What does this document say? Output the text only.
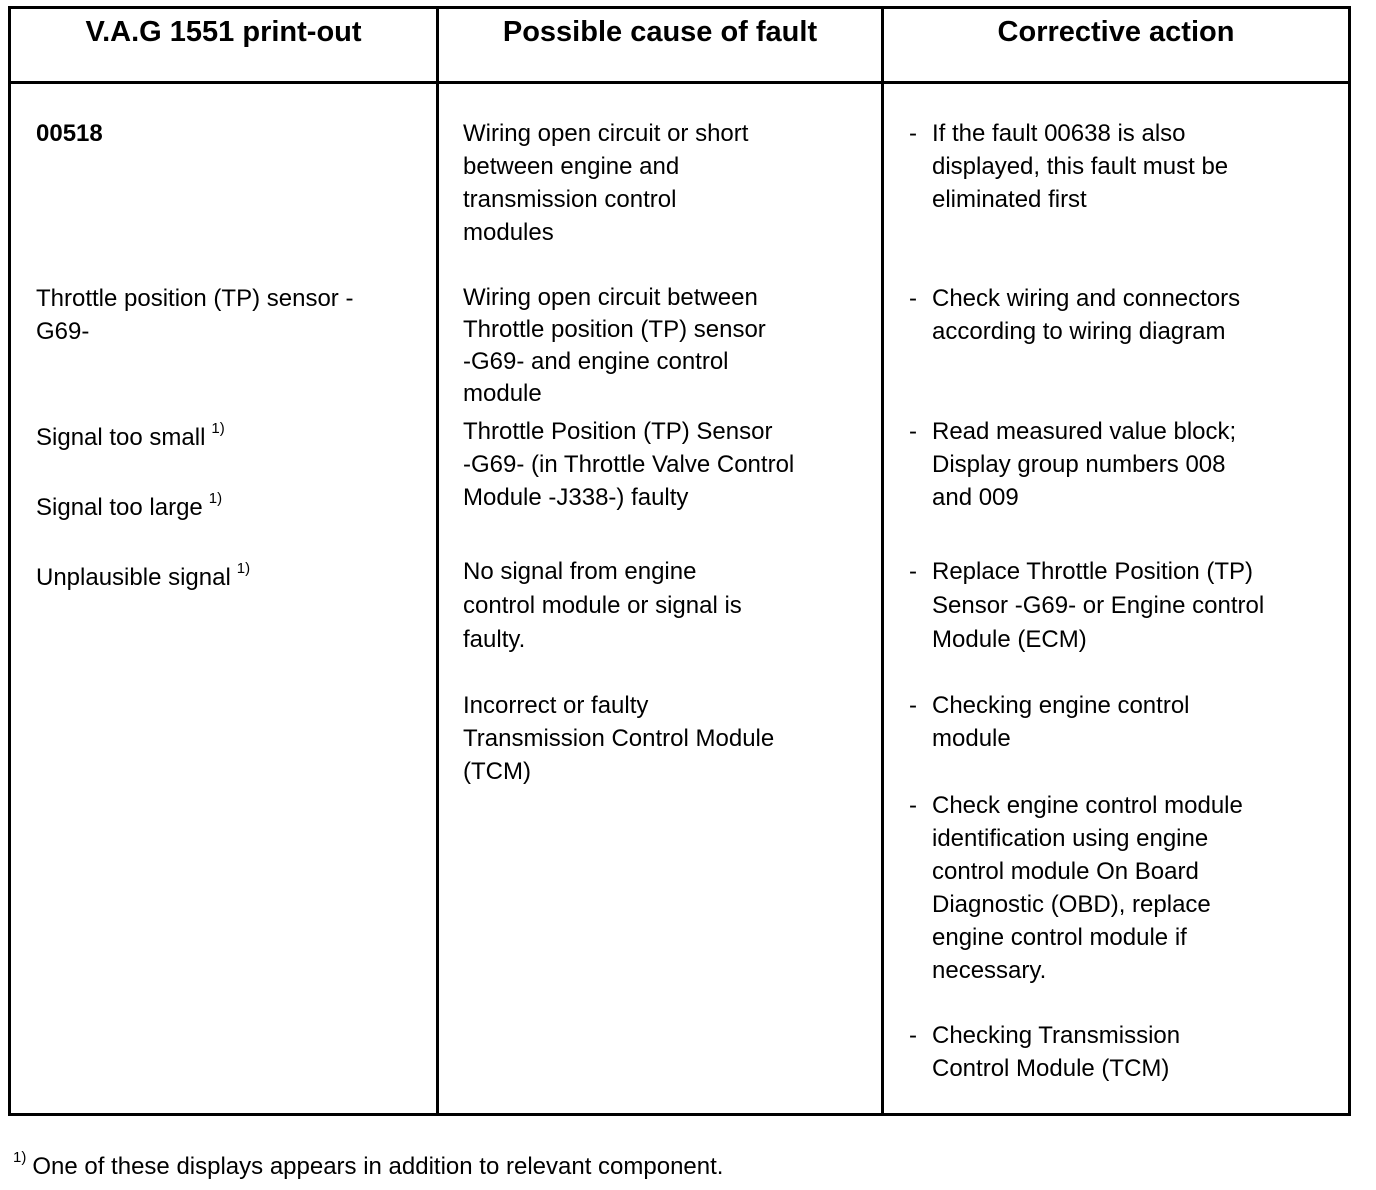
V.A.G 1551 print-out	Possible cause of fault	Corrective action
00518
Throttle position (TP) sensor -
G69-
Signal too small $^{1)}$
Signal too large $^{1)}$
Unplausible signal $^{1)}$
Wiring open circuit or short
between engine and
transmission control
modules
Wiring open circuit between
Throttle position (TP) sensor
-G69- and engine control
module
Throttle Position (TP) Sensor
-G69- (in Throttle Valve Control
Module -J338-) faulty
No signal from engine
control module or signal is
faulty.
Incorrect or faulty
Transmission Control Module
(TCM)
- If the fault 00638 is also
displayed, this fault must be
eliminated first
- Check wiring and connectors
according to wiring diagram
- Read measured value block;
Display group numbers 008
and 009
- Replace Throttle Position (TP)
Sensor -G69- or Engine control
Module (ECM)
- Checking engine control
module
- Check engine control module
identification using engine
control module On Board
Diagnostic (OBD), replace
engine control module if
necessary.
- Checking Transmission
Control Module (TCM)
$^{1)}$ One of these displays appears in addition to relevant component.
